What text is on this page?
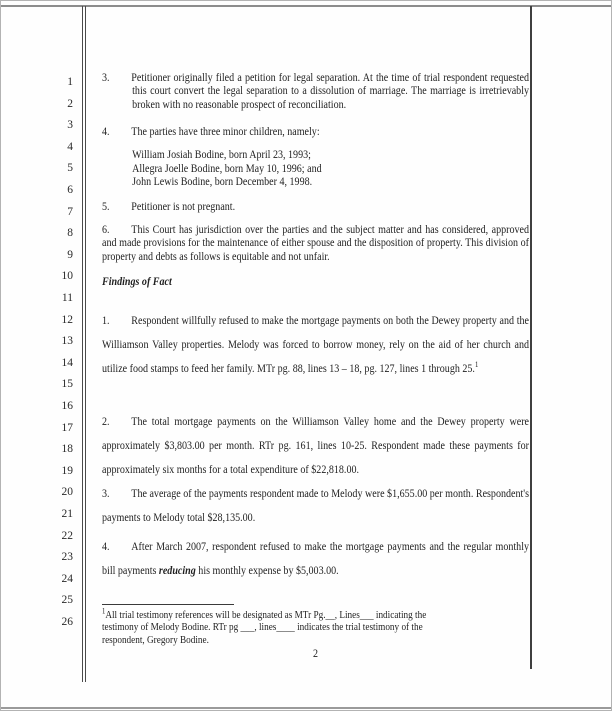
1
2
3
4
5
6
7
8
9
10
11
12
13
14
15
16
17
18
19
20
21
22
23
24
25
26
3. Petitioner originally filed a petition for legal separation. At the time of trial respondent requested this court convert the legal separation to a dissolution of marriage. The marriage is irretrievably broken with no reasonable prospect of reconciliation.
4. The parties have three minor children, namely:
William Josiah Bodine, born April 23, 1993;
Allegra Joelle Bodine, born May 10, 1996; and
John Lewis Bodine, born December 4, 1998.
5. Petitioner is not pregnant.
6. This Court has jurisdiction over the parties and the subject matter and has considered, approved and made provisions for the maintenance of either spouse and the disposition of property. This division of property and debts as follows is equitable and not unfair.
Findings of Fact
1. Respondent willfully refused to make the mortgage payments on both the Dewey property and the Williamson Valley properties. Melody was forced to borrow money, rely on the aid of her church and utilize food stamps to feed her family. MTr pg. 88, lines 13 – 18, pg. 127, lines 1 through 25.$^1$
2. The total mortgage payments on the Williamson Valley home and the Dewey property were approximately $3,803.00 per month. RTr pg. 161, lines 10-25. Respondent made these payments for approximately six months for a total expenditure of $22,818.00.
3. The average of the payments respondent made to Melody were $1,655.00 per month. Respondent's payments to Melody total $28,135.00.
4. After March 2007, respondent refused to make the mortgage payments and the regular monthly bill payments reducing his monthly expense by $5,003.00.
$^1$All trial testimony references will be designated as MTr Pg.__, Lines___ indicating the
testimony of Melody Bodine. RTr pg ___, lines____ indicates the trial testimony of the
respondent, Gregory Bodine.
2
